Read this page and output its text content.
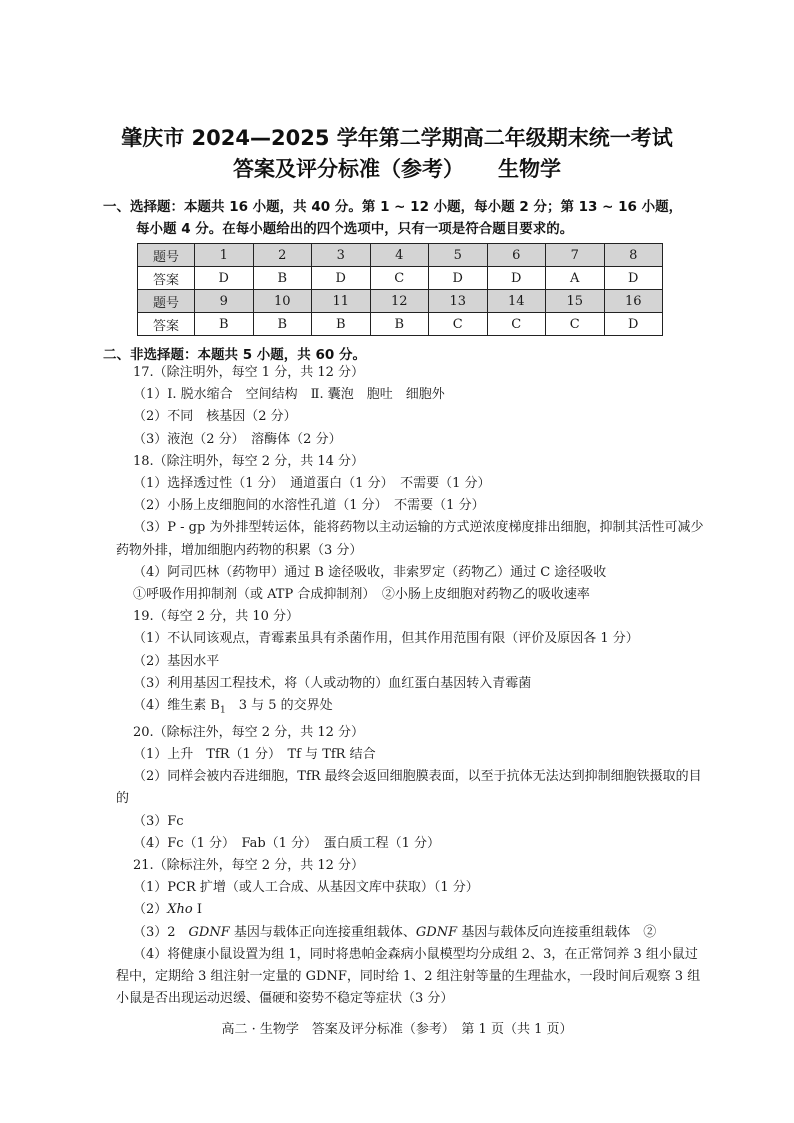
肇庆市 2024—2025 学年第二学期高二年级期末统一考试
答案及评分标准（参考） 生物学
一、选择题：本题共 16 小题，共 40 分。第 1 ~ 12 小题，每小题 2 分；第 13 ~ 16 小题，
每小题 4 分。在每小题给出的四个选项中，只有一项是符合题目要求的。
题号	1	2	3	4	5	6	7	8
答案	D	B	D	C	D	D	A	D
题号	9	10	11	12	13	14	15	16
答案	B	B	B	B	C	C	C	D
二、非选择题：本题共 5 小题，共 60 分。
17.（除注明外，每空 1 分，共 12 分）
（1）Ⅰ. 脱水缩合　空间结构　Ⅱ. 囊泡　胞吐　细胞外
（2）不同　核基因（2 分）
（3）液泡（2 分）　溶酶体（2 分）
18.（除注明外，每空 2 分，共 14 分）
（1）选择透过性（1 分）　通道蛋白（1 分）　不需要（1 分）
（2）小肠上皮细胞间的水溶性孔道（1 分）　不需要（1 分）
（3）P - gp 为外排型转运体，能将药物以主动运输的方式逆浓度梯度排出细胞，抑制其活性可减少药物外排，增加细胞内药物的积累（3 分）
（4）阿司匹林（药物甲）通过 B 途径吸收，非索罗定（药物乙）通过 C 途径吸收
①呼吸作用抑制剂（或 ATP 合成抑制剂）　②小肠上皮细胞对药物乙的吸收速率
19.（每空 2 分，共 10 分）
（1）不认同该观点，青霉素虽具有杀菌作用，但其作用范围有限（评价及原因各 1 分）
（2）基因水平
（3）利用基因工程技术，将（人或动物的）血红蛋白基因转入青霉菌
（4）维生素 $B_1$　3 与 5 的交界处
20.（除标注外，每空 2 分，共 12 分）
（1）上升　TfR（1 分）　Tf 与 TfR 结合
（2）同样会被内吞进细胞，TfR 最终会返回细胞膜表面，以至于抗体无法达到抑制细胞铁摄取的目的
（3）Fc
（4）Fc（1 分）　Fab（1 分）　蛋白质工程（1 分）
21.（除标注外，每空 2 分，共 12 分）
（1）PCR 扩增（或人工合成、从基因文库中获取）（1 分）
（2）Xho Ⅰ
（3）2　GDNF 基因与载体正向连接重组载体、GDNF 基因与载体反向连接重组载体　②
（4）将健康小鼠设置为组 1，同时将患帕金森病小鼠模型均分成组 2、3，在正常饲养 3 组小鼠过程中，定期给 3 组注射一定量的 GDNF，同时给 1、2 组注射等量的生理盐水，一段时间后观察 3 组小鼠是否出现运动迟缓、僵硬和姿势不稳定等症状（3 分）
高二 · 生物学　答案及评分标准（参考）　第 1 页（共 1 页）
